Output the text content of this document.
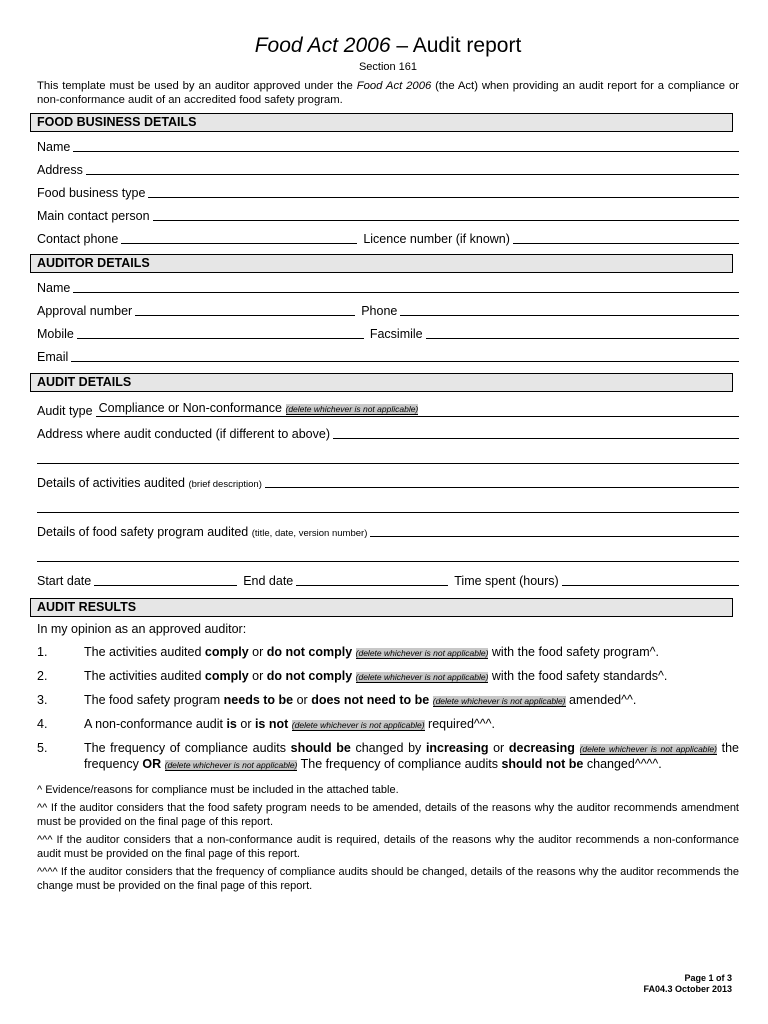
Food Act 2006 – Audit report
Section 161
This template must be used by an auditor approved under the Food Act 2006 (the Act) when providing an audit report for a compliance or non-conformance audit of an accredited food safety program.
FOOD BUSINESS DETAILS
Name
Address
Food business type
Main contact person
Contact phone	Licence number (if known)
AUDITOR DETAILS
Name
Approval number	Phone
Mobile	Facsimile
Email
AUDIT DETAILS
Audit type Compliance or Non-conformance (delete whichever is not applicable)
Address where audit conducted (if different to above)
Details of activities audited (brief description)
Details of food safety program audited (title, date, version number)
Start date	End date	Time spent (hours)
AUDIT RESULTS
In my opinion as an approved auditor:
1.	The activities audited comply or do not comply (delete whichever is not applicable) with the food safety program^.
2.	The activities audited comply or do not comply (delete whichever is not applicable) with the food safety standards^.
3.	The food safety program needs to be or does not need to be (delete whichever is not applicable) amended^^.
4.	A non-conformance audit is or is not (delete whichever is not applicable) required^^^.
5.	The frequency of compliance audits should be changed by increasing or decreasing (delete whichever is not applicable) the frequency OR (delete whichever is not applicable) The frequency of compliance audits should not be changed^^^^.
^ Evidence/reasons for compliance must be included in the attached table.
^^ If the auditor considers that the food safety program needs to be amended, details of the reasons why the auditor recommends amendment must be provided on the final page of this report.
^^^ If the auditor considers that a non-conformance audit is required, details of the reasons why the auditor recommends a non-conformance audit must be provided on the final page of this report.
^^^^ If the auditor considers that the frequency of compliance audits should be changed, details of the reasons why the auditor recommends the change must be provided on the final page of this report.
Page 1 of 3
FA04.3 October 2013
